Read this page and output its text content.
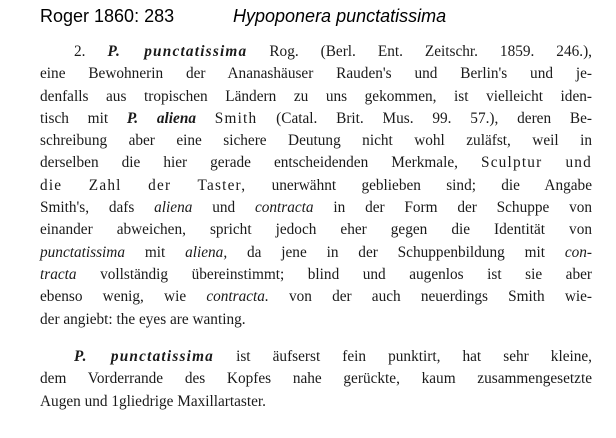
Roger 1860: 283	Hypoponera punctatissima
2. P. punctatissima Rog. (Berl. Ent. Zeitschr. 1859. 246.),
eine Bewohnerin der Ananashäuser Rauden's und Berlin's und je-
denfalls aus tropischen Ländern zu uns gekommen, ist vielleicht iden-
tisch mit P. aliena Smith (Catal. Brit. Mus. 99. 57.), deren Be-
schreibung aber eine sichere Deutung nicht wohl zuläfst, weil in
derselben die hier gerade entscheidenden Merkmale, Sculptur und
die Zahl der Taster, unerwähnt geblieben sind; die Angabe
Smith's, dafs aliena und contracta in der Form der Schuppe von
einander abweichen, spricht jedoch eher gegen die Identität von
punctatissima mit aliena, da jene in der Schuppenbildung mit con-
tracta vollständig übereinstimmt; blind und augenlos ist sie aber
ebenso wenig, wie contracta. von der auch neuerdings Smith wie-
der angiebt: the eyes are wanting.
P. punctatissima ist äufserst fein punktirt, hat sehr kleine,
dem Vorderrande des Kopfes nahe gerückte, kaum zusammengesetzte
Augen und 1gliedrige Maxillartaster.
